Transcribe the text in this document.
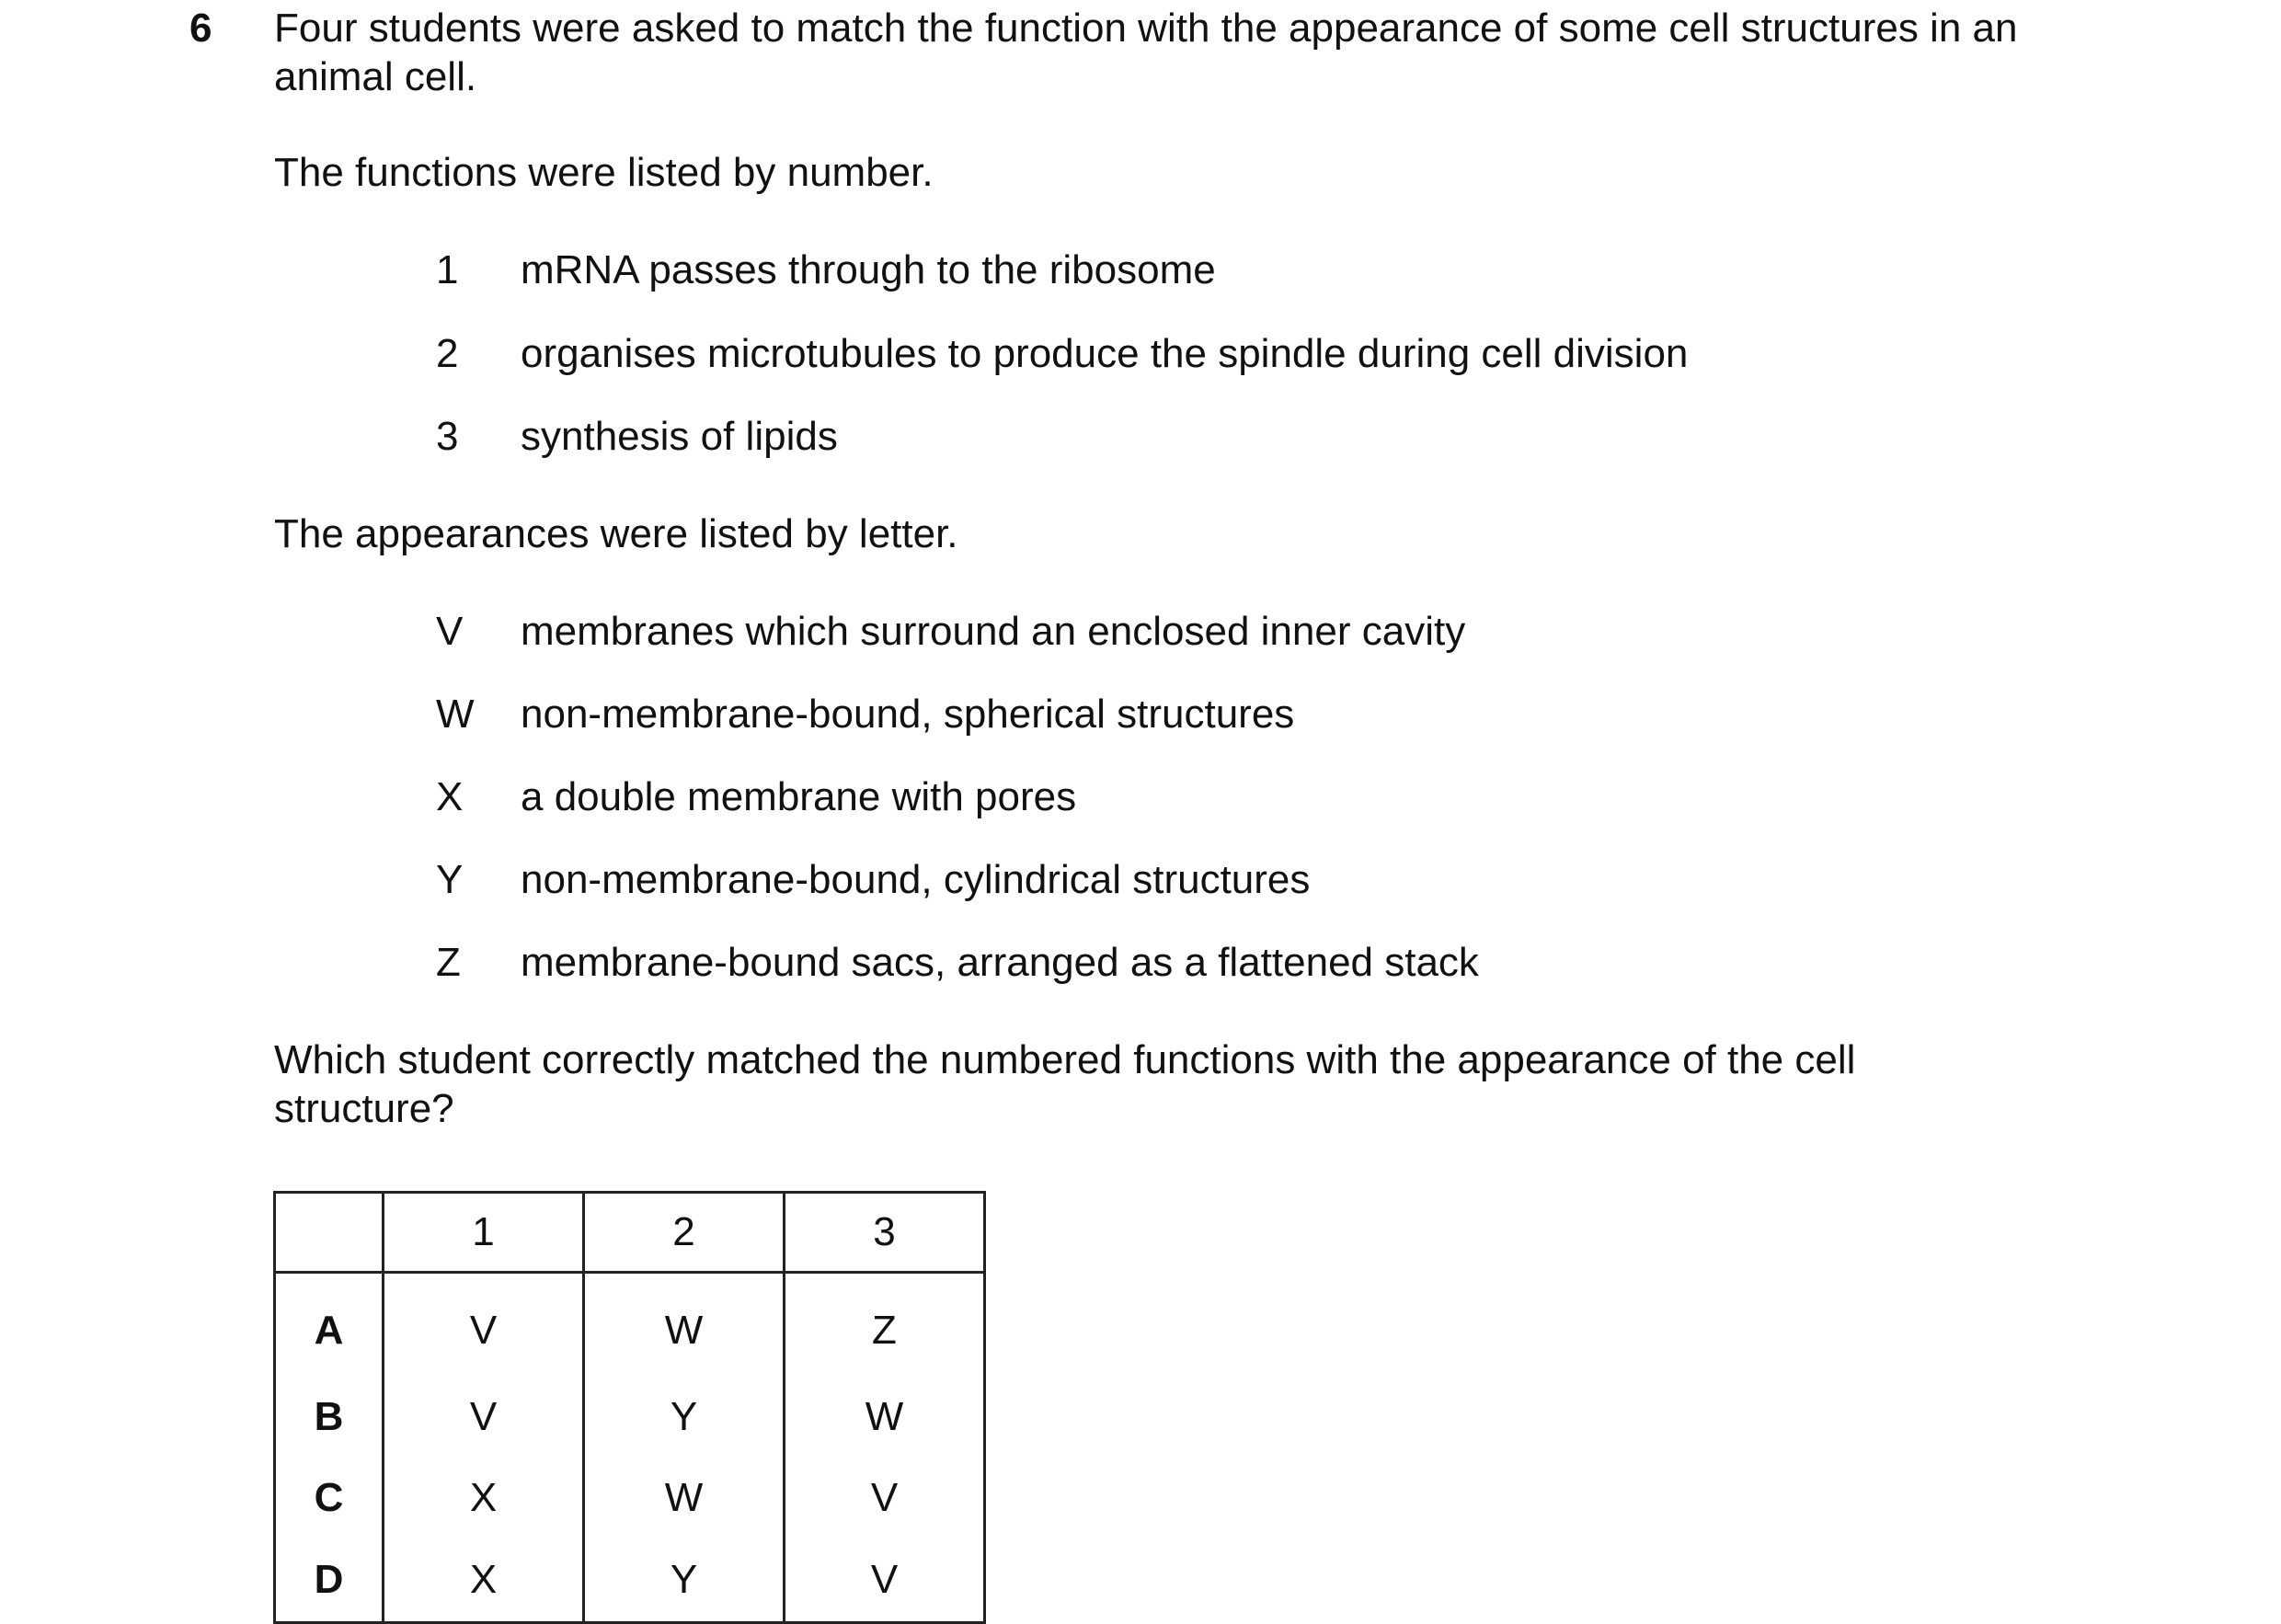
6 Four students were asked to match the function with the appearance of some cell structures in an
animal cell.
The functions were listed by number.
1 mRNA passes through to the ribosome
2 organises microtubules to produce the spindle during cell division
3 synthesis of lipids
The appearances were listed by letter.
V membranes which surround an enclosed inner cavity
W non-membrane-bound, spherical structures
X a double membrane with pores
Y non-membrane-bound, cylindrical structures
Z membrane-bound sacs, arranged as a flattened stack
Which student correctly matched the numbered functions with the appearance of the cell
structure?
	1	2	3
A	V	W	Z
B	V	Y	W
C	X	W	V
D	X	Y	V
